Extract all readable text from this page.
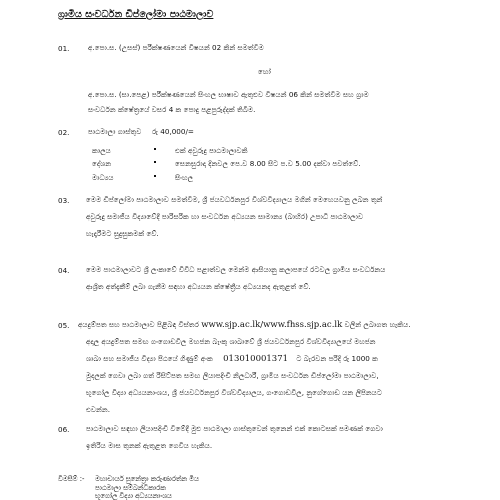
ග්‍රාමීය සංවර්ධන ඩිප්ලෝමා පාඨමාලාව
01.	අ.පො.ස. (උසස්) පරීක්ෂණයෙන් විෂයන් 02 කින් සමත්වීම
හෝ
අ.පො.ස. (සා.පෙළ) පරීක්ෂණයෙන් සිංහල භාෂාව ඇතුළුව විෂයන් 06 කින් සමත්වීම සහ ග්‍රාම
සංවර්ධන ක්ෂේත්‍රයේ වසර 4 ක පොදු පළපුරුද්දක් තිබීම.
02.	පාඨමාලා ගාස්තුව රු 40,000/=
කාලය	එක් අවුරුදු පාඨමාලාවකි
දේශන	සෙනසුරාදා දිනවල පෙ.ව 8.00 සිට ප.ව 5.00 දක්වා පවත්වේ.
මාධ්‍යය	සිංහල
03. මෙම ඩිප්ලෝමා පාඨමාලාව සමත්වීම, ශ්‍රී ජයවර්ධනපුර විශ්වවිද්‍යාලය මගින් මෙහෙයවනු ලබන තුන්
අවුරුදු සමාජීය විද්‍යාවේදී පාරිසරික හා සංවර්ධන අධ්‍යයන සාමාන්‍ය (බාහිර) උපාධි පාඨමාලාව
හැදෑරීමට සුදුසුකමක් වේ.
04. මෙම පාඨමාලාවට ශ්‍රී ලංකාවේ විවිධ පළාත්වල මෙන්ම ආසියානු කලාපයේ රටවල ග්‍රාමීය සංවර්ධනය
ආශ්‍රිත අත්දැකීම් ලබා ගැනීම සඳහා අධ්‍යයන ක්ෂේත්‍රීය අධ්‍යයනද ඇතුළත් වේ.
05. අයදුම්පත සහ පාඨමාලාව පිළිබඳ විස්තර www.sjp.ac.lk/www.fhss.sjp.ac.lk වලින් ලබාගත හැකිය.
අදාල අයදුම්පත සමඟ ගංගොඩවිල මහජන බැංකු ශාඛාවේ ශ්‍රී ජයවර්ධනපුර විශ්වවිද්‍යාලයේ මහජන
ශාඛා සහ සමාජීය විද්‍යා පීඨයේ ගිණුම් අංක 013010001371 ට බැරවන පරිදි රු 1000 ක
මුදලක් ගෙවා ලබා ගත් රිසිට්පත සමඟ ලියාපදිංචි නිලධාරී, ග්‍රාමීය සංවර්ධන ඩිප්ලෝමා පාඨමාලාව,
භූගෝල විද්‍යා අධ්‍යයනාංශය, ශ්‍රී ජයවර්ධනපුර විශ්වවිද්‍යාලය, ගංගොඩවිල, නුගේගොඩ යන ලිපිනයට
එවන්න.
06. පාඨමාලාව සඳහා ලියාපදිංචි වීමේදී මුළු පාඨමාලා ගාස්තුවෙන් තුනෙන් එක් කොටසක් පමණක් ගෙවා
ඉතිරිය මාස තුනක් ඇතුළත ගෙවිය හැකිය.
විමසීම් :- මහාචාර්ය සුනේත්‍රා කරුණාරත්න මිය
පාඨමාලා සම්බන්ධීකාරක
භූගෝල විද්‍යා අධ්‍යයනාංශය
